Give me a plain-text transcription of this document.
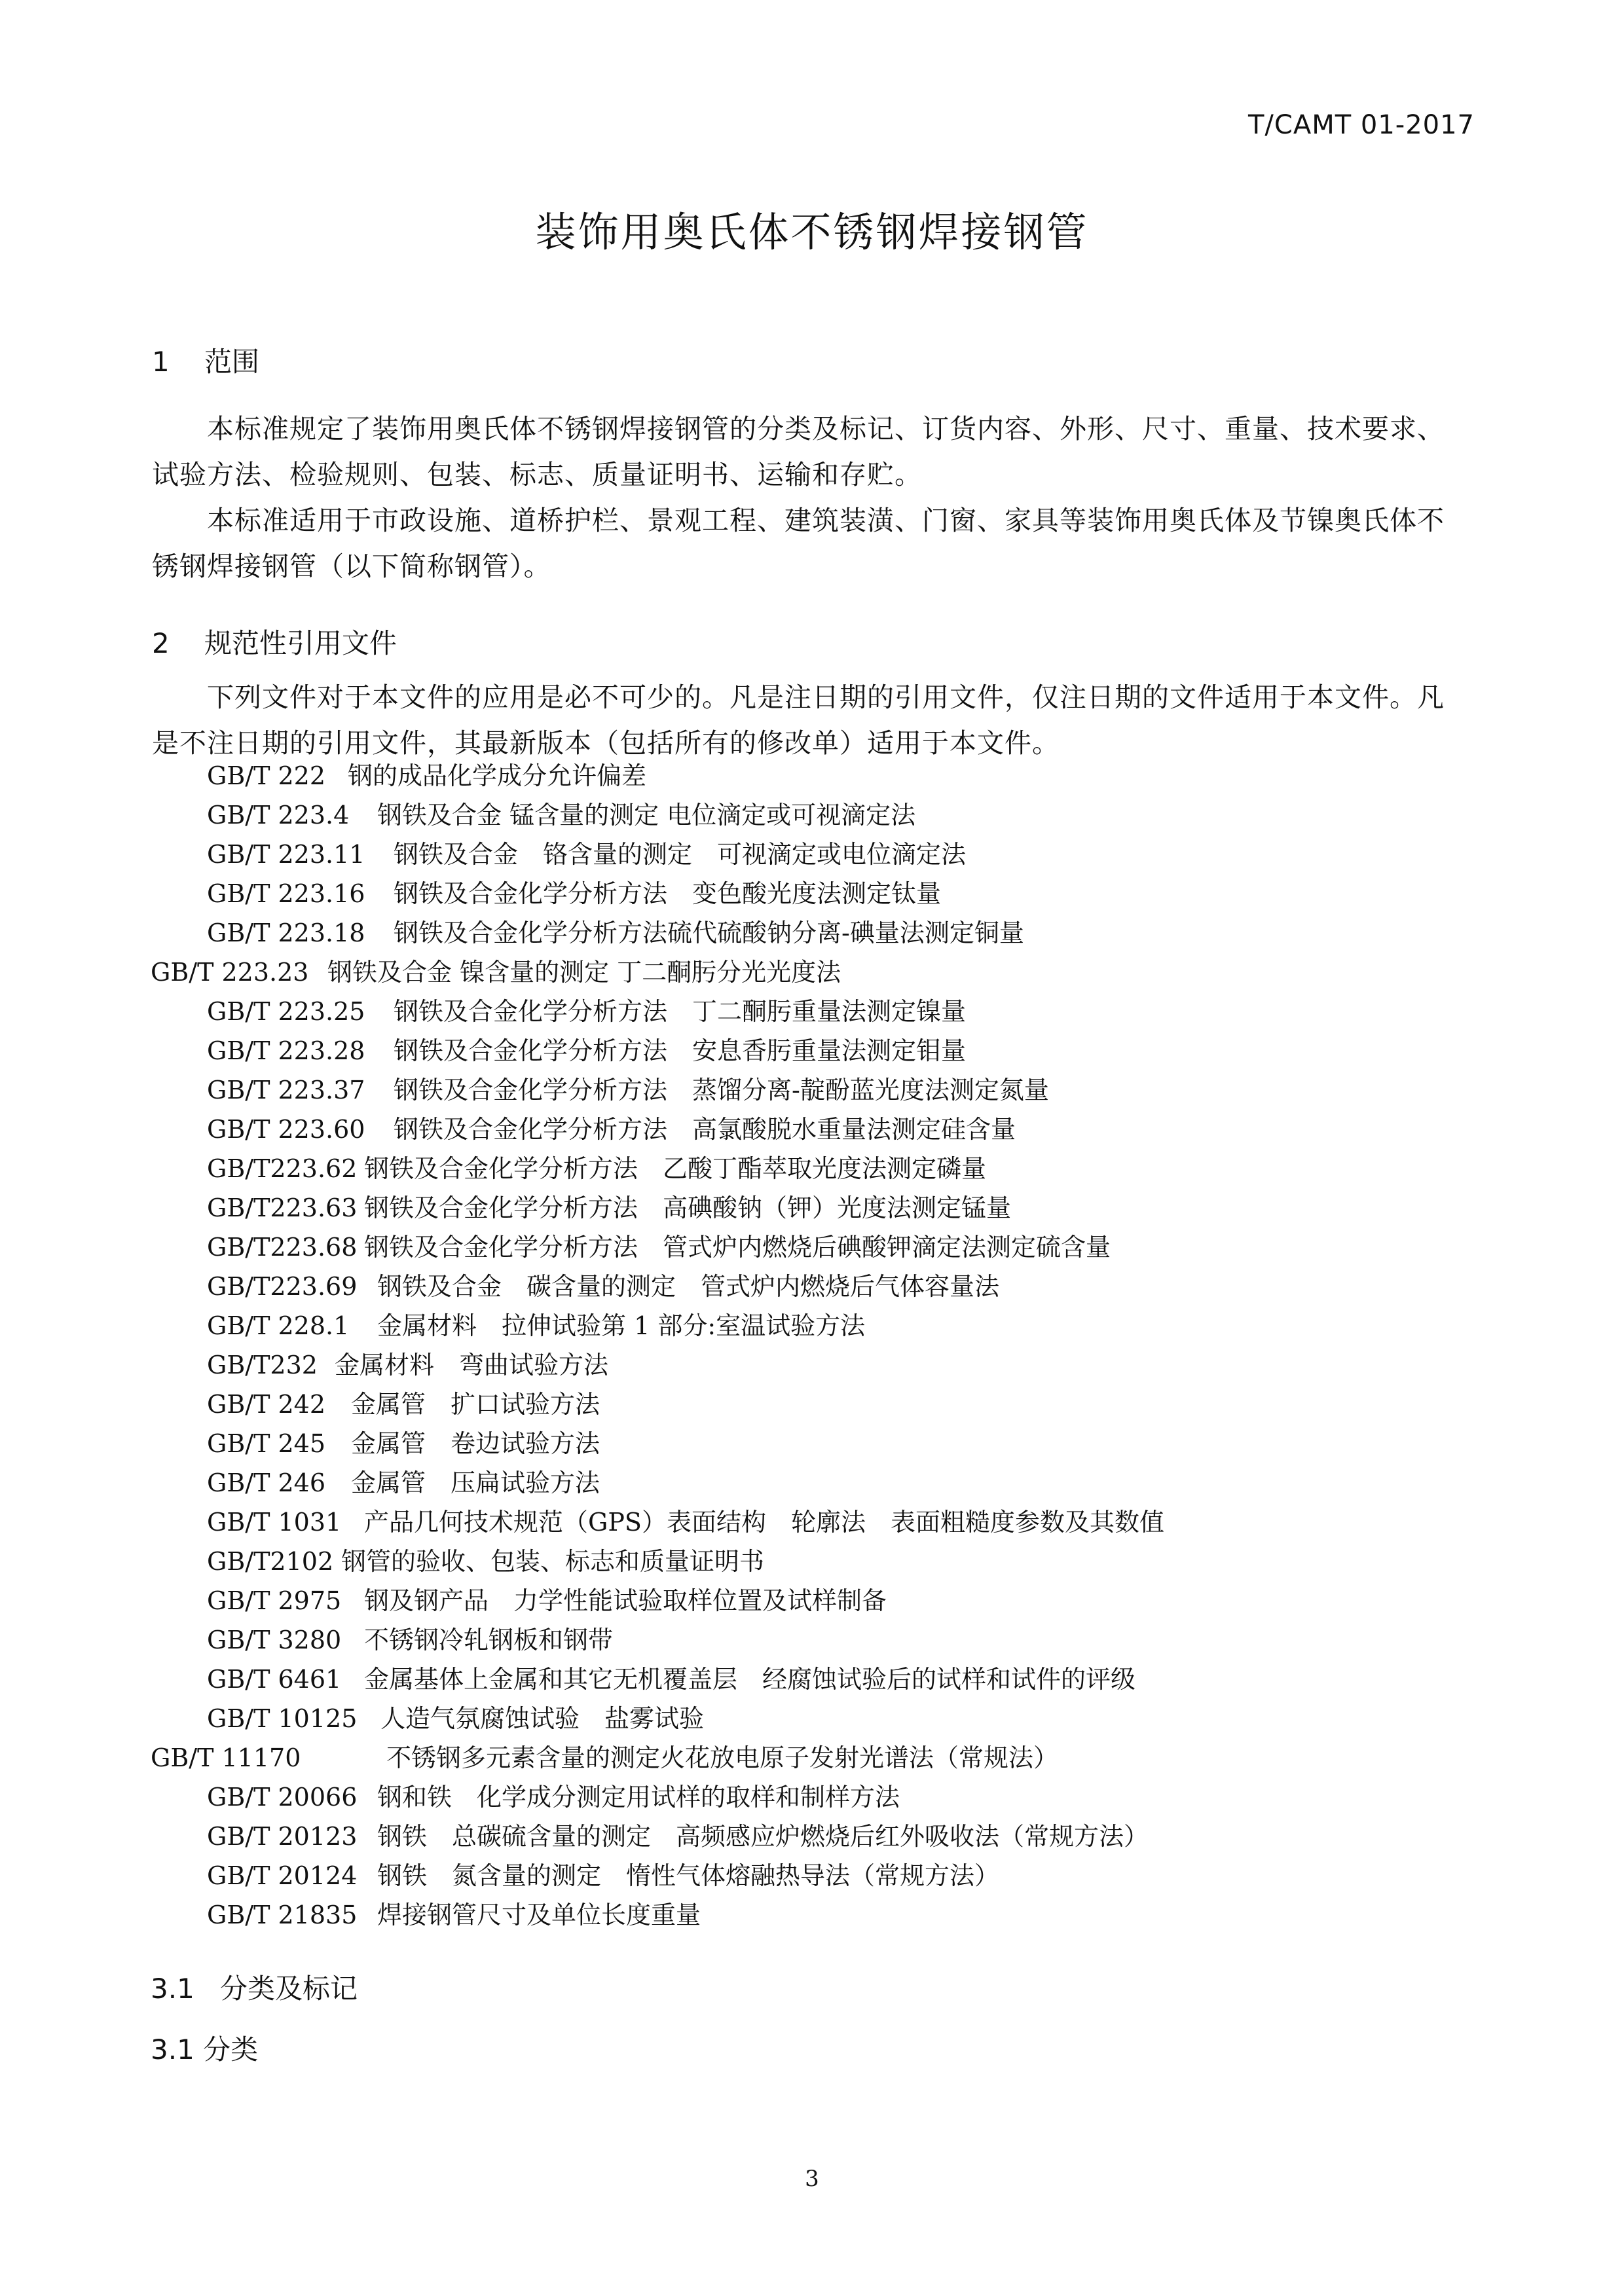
T/CAMT 01-2017
装饰用奥氏体不锈钢焊接钢管
1 范围
本标准规定了装饰用奥氏体不锈钢焊接钢管的分类及标记、订货内容、外形、尺寸、重量、技术要求、试验方法、检验规则、包装、标志、质量证明书、运输和存贮。
本标准适用于市政设施、道桥护栏、景观工程、建筑装潢、门窗、家具等装饰用奥氏体及节镍奥氏体不锈钢焊接钢管（以下简称钢管）。
2 规范性引用文件
下列文件对于本文件的应用是必不可少的。凡是注日期的引用文件，仅注日期的文件适用于本文件。凡是不注日期的引用文件，其最新版本（包括所有的修改单）适用于本文件。
GB/T 222 钢的成品化学成分允许偏差
GB/T 223.4 钢铁及合金 锰含量的测定 电位滴定或可视滴定法
GB/T 223.11 钢铁及合金　铬含量的测定　可视滴定或电位滴定法
GB/T 223.16 钢铁及合金化学分析方法　变色酸光度法测定钛量
GB/T 223.18 钢铁及合金化学分析方法硫代硫酸钠分离-碘量法测定铜量
GB/T 223.23 钢铁及合金 镍含量的测定 丁二酮肟分光光度法
GB/T 223.25 钢铁及合金化学分析方法　丁二酮肟重量法测定镍量
GB/T 223.28 钢铁及合金化学分析方法　安息香肟重量法测定钼量
GB/T 223.37 钢铁及合金化学分析方法　蒸馏分离-靛酚蓝光度法测定氮量
GB/T 223.60 钢铁及合金化学分析方法　高氯酸脱水重量法测定硅含量
GB/T223.62 钢铁及合金化学分析方法　乙酸丁酯萃取光度法测定磷量
GB/T223.63 钢铁及合金化学分析方法　高碘酸钠（钾）光度法测定锰量
GB/T223.68 钢铁及合金化学分析方法　管式炉内燃烧后碘酸钾滴定法测定硫含量
GB/T223.69 钢铁及合金　碳含量的测定　管式炉内燃烧后气体容量法
GB/T 228.1 金属材料　拉伸试验第 1 部分:室温试验方法
GB/T232 金属材料　弯曲试验方法
GB/T 242 金属管　扩口试验方法
GB/T 245 金属管　卷边试验方法
GB/T 246 金属管　压扁试验方法
GB/T 1031 产品几何技术规范（GPS）表面结构　轮廓法　表面粗糙度参数及其数值
GB/T2102 钢管的验收、包装、标志和质量证明书
GB/T 2975 钢及钢产品　力学性能试验取样位置及试样制备
GB/T 3280 不锈钢冷轧钢板和钢带
GB/T 6461 金属基体上金属和其它无机覆盖层　经腐蚀试验后的试样和试件的评级
GB/T 10125 人造气氛腐蚀试验　盐雾试验
GB/T 11170	不锈钢多元素含量的测定火花放电原子发射光谱法（常规法）
GB/T 20066 钢和铁　化学成分测定用试样的取样和制样方法
GB/T 20123 钢铁　总碳硫含量的测定　高频感应炉燃烧后红外吸收法（常规方法）
GB/T 20124 钢铁　氮含量的测定　惰性气体熔融热导法（常规方法）
GB/T 21835 焊接钢管尺寸及单位长度重量
3.1 分类及标记
3.1 分类
3
